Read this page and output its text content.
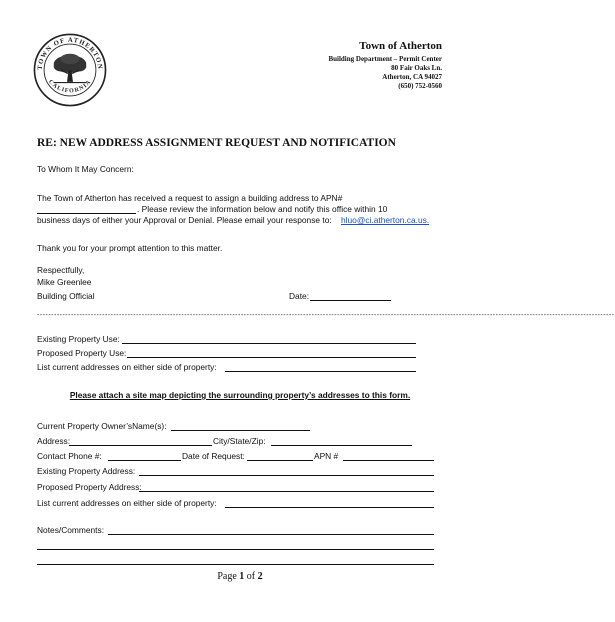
TOWN OF ATHERTON
CALIFORNIA
Town of Atherton
Building Department – Permit Center
80 Fair Oaks Ln.
Atherton, CA 94027
(650) 752-0560
RE: NEW ADDRESS ASSIGNMENT REQUEST AND NOTIFICATION
To Whom It May Concern:
The Town of Atherton has received a request to assign a building address to APN#
. Please review the information below and notify this office within 10
business days of either your Approval or Denial. Please email your response to: hluo@ci.atherton.ca.us.
Thank you for your prompt attention to this matter.
Respectfully,
Mike Greenlee
Building Official	Date:
------------------------------------------------------------------------------------------------------------------------------------------------------------------------------------------------------------
Existing Property Use:
Proposed Property Use:
List current addresses on either side of property:
Please attach a site map depicting the surrounding property’s addresses to this form.
Current Property Owner’sName(s):
Address:	City/State/Zip:
Contact Phone #:	Date of Request:	APN #
Existing Property Address:
Proposed Property Address:
List current addresses on either side of property:
Notes/Comments:
Page 1 of 2
